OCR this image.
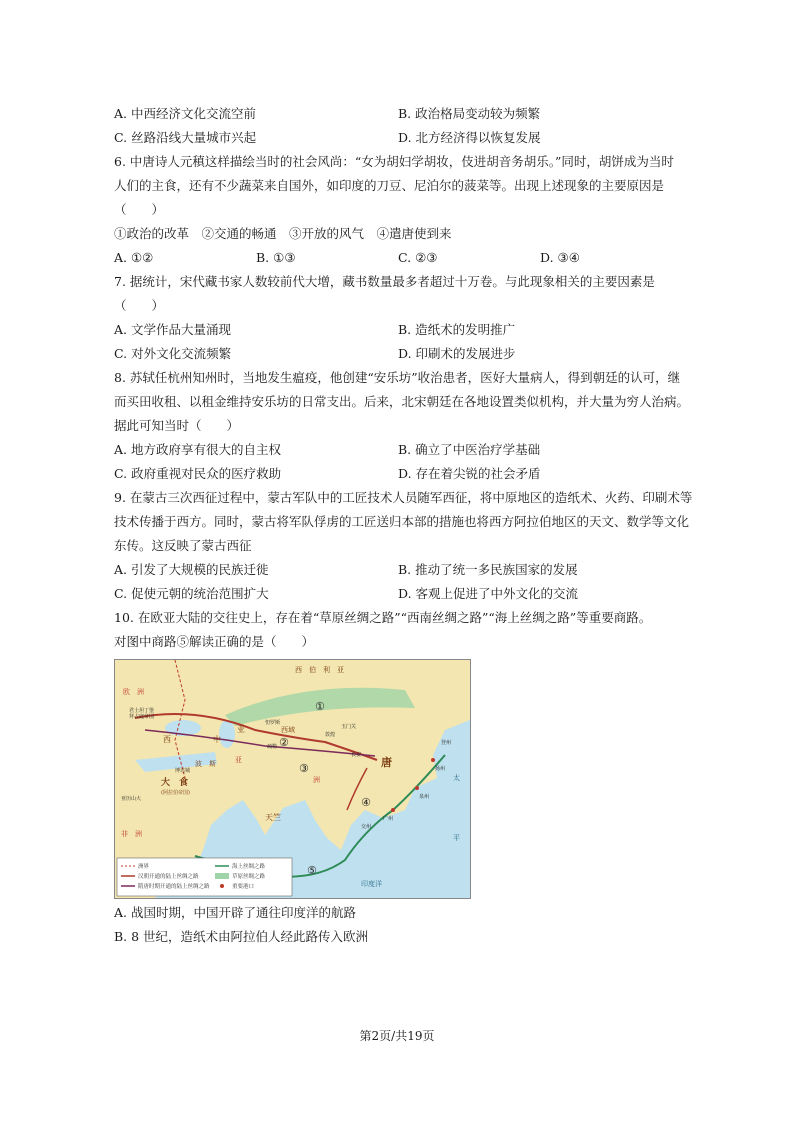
A. 中西经济文化交流空前	B. 政治格局变动较为频繁
C. 丝路沿线大量城市兴起	D. 北方经济得以恢复发展
6. 中唐诗人元稹这样描绘当时的社会风尚：“女为胡妇学胡妆，伎进胡音务胡乐。”同时，胡饼成为当时
人们的主食，还有不少蔬菜来自国外，如印度的刀豆、尼泊尔的菠菜等。出现上述现象的主要原因是
（　　）
①政治的改革　②交通的畅通　③开放的风气　④遣唐使到来
A. ①②	B. ①③	C. ②③	D. ③④
7. 据统计，宋代藏书家人数较前代大增，藏书数量最多者超过十万卷。与此现象相关的主要因素是
（　　）
A. 文学作品大量涌现	B. 造纸术的发明推广
C. 对外文化交流频繁	D. 印刷术的发展进步
8. 苏轼任杭州知州时，当地发生瘟疫，他创建“安乐坊”收治患者，医好大量病人，得到朝廷的认可，继
而买田收租、以租金维持安乐坊的日常支出。后来，北宋朝廷在各地设置类似机构，并大量为穷人治病。
据此可知当时（　　）
A. 地方政府享有很大的自主权	B. 确立了中医治疗学基础
C. 政府重视对民众的医疗救助	D. 存在着尖锐的社会矛盾
9. 在蒙古三次西征过程中，蒙古军队中的工匠技术人员随军西征，将中原地区的造纸术、火药、印刷术等
技术传播于西方。同时，蒙古将军队俘虏的工匠送归本部的措施也将西方阿拉伯地区的天文、数学等文化
东传。这反映了蒙古西征
A. 引发了大规模的民族迁徙	B. 推动了统一多民族国家的发展
C. 促使元朝的统治范围扩大	D. 客观上促进了中外文化的交流
10. 在欧亚大陆的交往史上，存在着“草原丝绸之路”“西南丝绸之路”“海上丝绸之路”等重要商路。
对图中商路⑤解读正确的是（　　）
洲界
汉朝开通的陆上丝绸之路
隋唐时期开通的陆上丝绸之路
海上丝绸之路
草原丝绸之路
重要港口
西　伯　利　亚
欧　洲
非　洲
西	中
亚
波　斯
大　食
(阿拉伯帝国)
天竺
唐
亚
洲
西域
太
平
印度洋
君士坦丁堡
拜占庭帝国
博达城
亚历山大
长安
广州
泉州
扬州
登州
交州
敦煌
疏勒
怛罗斯
玉门关
①
②
③
④
⑤
A. 战国时期，中国开辟了通往印度洋的航路
B. 8 世纪，造纸术由阿拉伯人经此路传入欧洲
第2页/共19页
